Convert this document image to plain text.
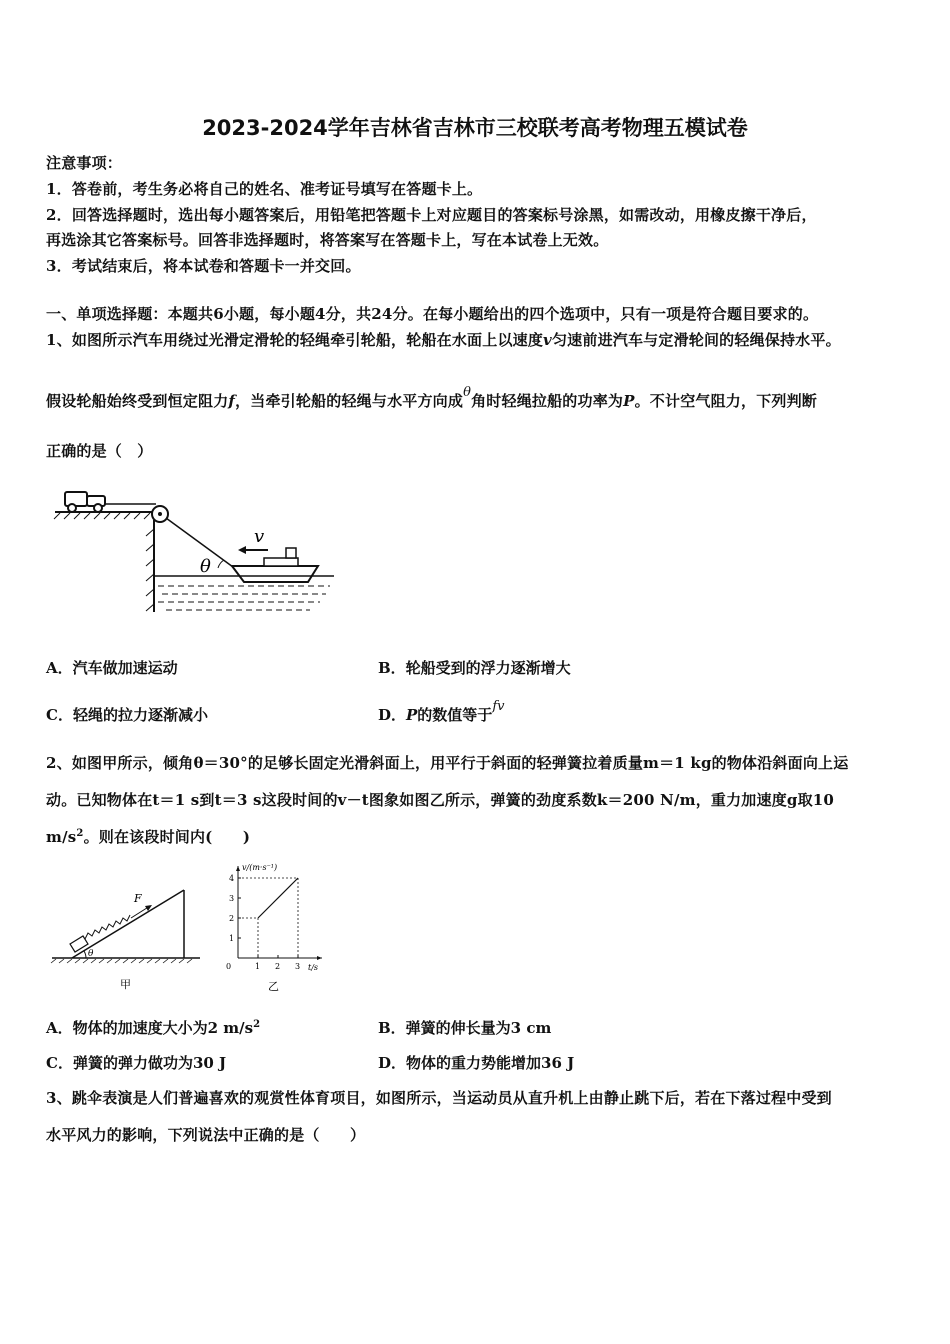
2023-2024学年吉林省吉林市三校联考高考物理五模试卷
注意事项：
1．答卷前，考生务必将自己的姓名、准考证号填写在答题卡上。
2．回答选择题时，选出每小题答案后，用铅笔把答题卡上对应题目的答案标号涂黑，如需改动，用橡皮擦干净后，
再选涂其它答案标号。回答非选择题时，将答案写在答题卡上，写在本试卷上无效。
3．考试结束后，将本试卷和答题卡一并交回。
一、单项选择题：本题共6小题，每小题4分，共24分。在每小题给出的四个选项中，只有一项是符合题目要求的。
1、如图所示汽车用绕过光滑定滑轮的轻绳牵引轮船，轮船在水面上以速度v匀速前进汽车与定滑轮间的轻绳保持水平。
假设轮船始终受到恒定阻力f，当牵引轮船的轻绳与水平方向成θ角时轻绳拉船的功率为P。不计空气阻力，下列判断
正确的是（　）
θ
v
A．汽车做加速运动	B．轮船受到的浮力逐渐增大
C．轻绳的拉力逐渐减小	D．P的数值等于fv
2、如图甲所示，倾角θ＝30°的足够长固定光滑斜面上，用平行于斜面的轻弹簧拉着质量m＝1 kg的物体沿斜面向上运
动。已知物体在t＝1 s到t＝3 s这段时间的v－t图象如图乙所示，弹簧的劲度系数k＝200 N/m，重力加速度g取10
$m/s^2$。则在该段时间内(　　)
θ
F
甲
v/(m·s⁻¹)
t/s
0	1 2 3
1
2
3
4
乙
A．物体的加速度大小为2 $m/s^2$	B．弹簧的伸长量为3 cm
C．弹簧的弹力做功为30 J	D．物体的重力势能增加36 J
3、跳伞表演是人们普遍喜欢的观赏性体育项目，如图所示，当运动员从直升机上由静止跳下后，若在下落过程中受到
水平风力的影响，下列说法中正确的是（　　）
